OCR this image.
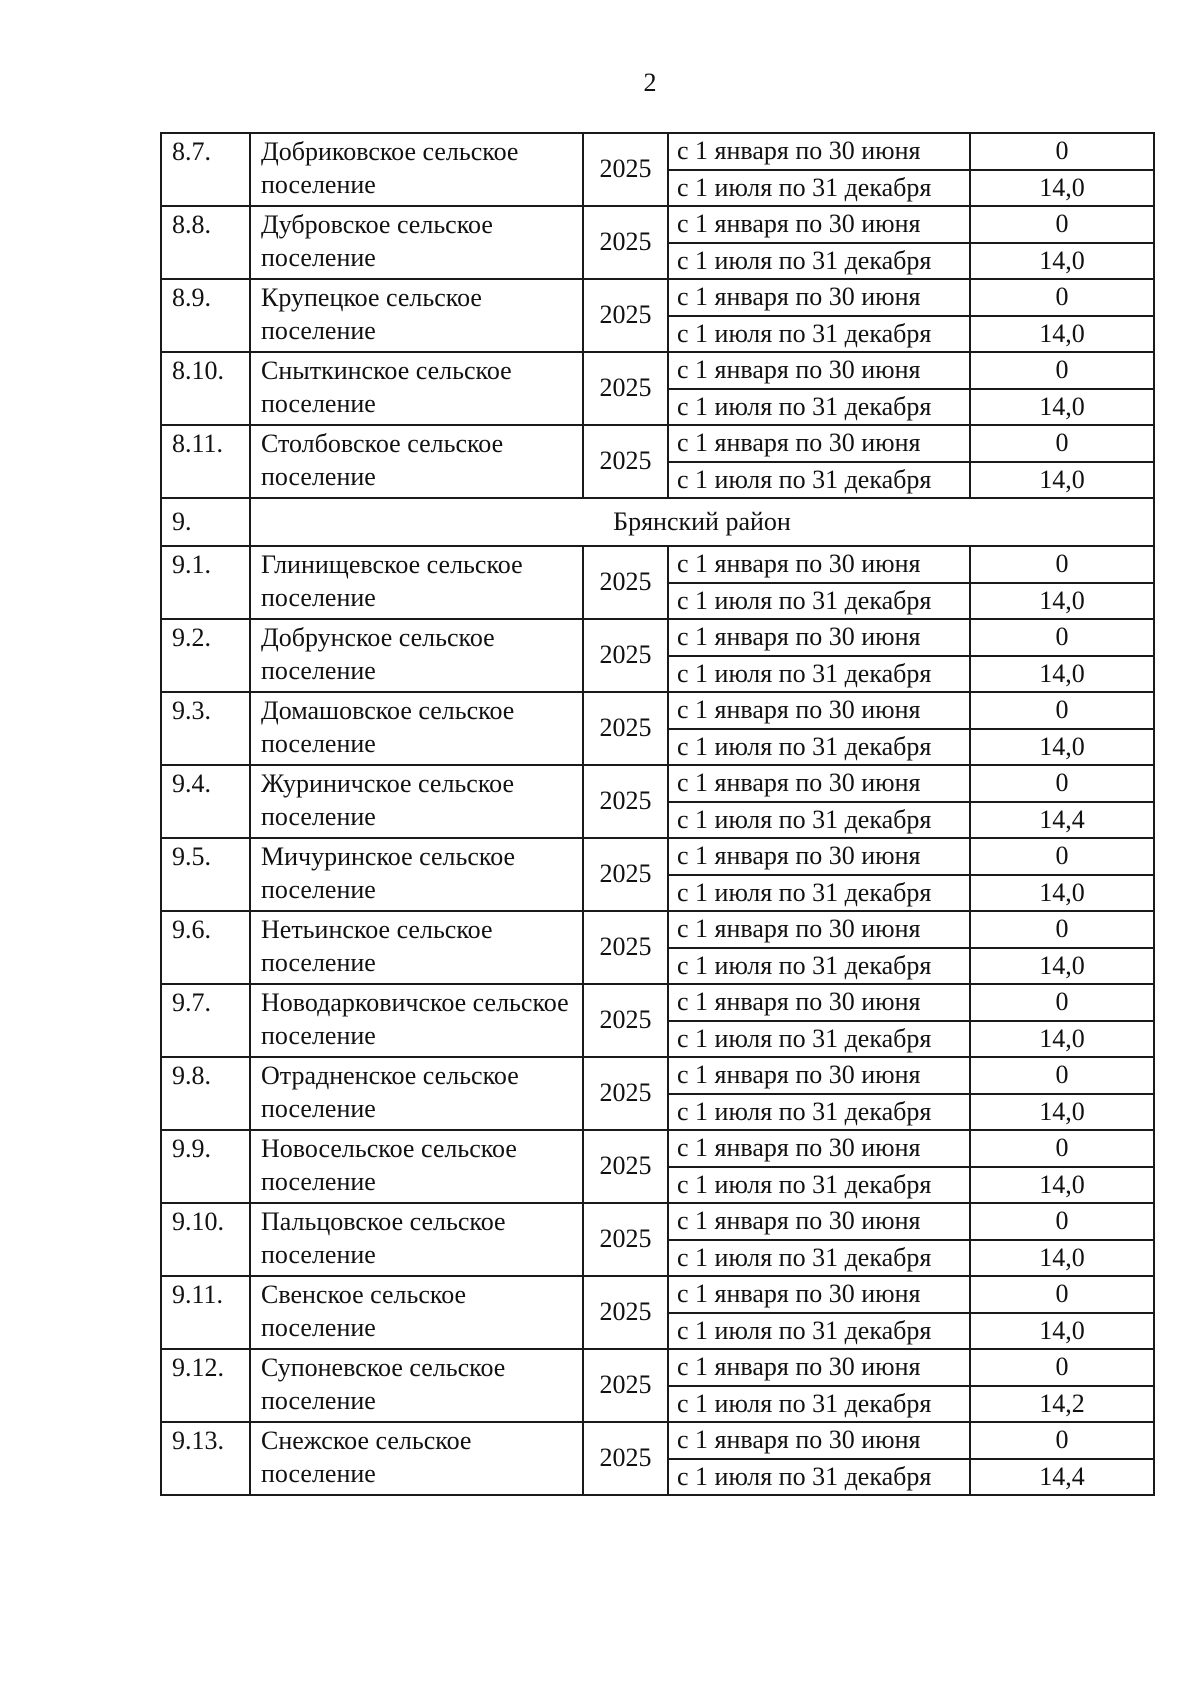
2
8.7.	Добриковское сельское поселение	2025	с 1 января по 30 июня	0
			с 1 июля по 31 декабря	14,0
8.8.	Дубровское сельское поселение	2025	с 1 января по 30 июня	0
			с 1 июля по 31 декабря	14,0
8.9.	Крупецкое сельское поселение	2025	с 1 января по 30 июня	0
			с 1 июля по 31 декабря	14,0
8.10.	Сныткинское сельское поселение	2025	с 1 января по 30 июня	0
			с 1 июля по 31 декабря	14,0
8.11.	Столбовское сельское поселение	2025	с 1 января по 30 июня	0
			с 1 июля по 31 декабря	14,0
9.	Брянский район			
9.1.	Глинищевское сельское поселение	2025	с 1 января по 30 июня	0
			с 1 июля по 31 декабря	14,0
9.2.	Добрунское сельское поселение	2025	с 1 января по 30 июня	0
			с 1 июля по 31 декабря	14,0
9.3.	Домашовское сельское поселение	2025	с 1 января по 30 июня	0
			с 1 июля по 31 декабря	14,0
9.4.	Журиничское сельское поселение	2025	с 1 января по 30 июня	0
			с 1 июля по 31 декабря	14,4
9.5.	Мичуринское сельское поселение	2025	с 1 января по 30 июня	0
			с 1 июля по 31 декабря	14,0
9.6.	Нетьинское сельское поселение	2025	с 1 января по 30 июня	0
			с 1 июля по 31 декабря	14,0
9.7.	Новодарковичское сельское поселение	2025	с 1 января по 30 июня	0
			с 1 июля по 31 декабря	14,0
9.8.	Отрадненское сельское поселение	2025	с 1 января по 30 июня	0
			с 1 июля по 31 декабря	14,0
9.9.	Новосельское сельское поселение	2025	с 1 января по 30 июня	0
			с 1 июля по 31 декабря	14,0
9.10.	Пальцовское сельское поселение	2025	с 1 января по 30 июня	0
			с 1 июля по 31 декабря	14,0
9.11.	Свенское сельское поселение	2025	с 1 января по 30 июня	0
			с 1 июля по 31 декабря	14,0
9.12.	Супоневское сельское поселение	2025	с 1 января по 30 июня	0
			с 1 июля по 31 декабря	14,2
9.13.	Снежское сельское поселение	2025	с 1 января по 30 июня	0
			с 1 июля по 31 декабря	14,4
